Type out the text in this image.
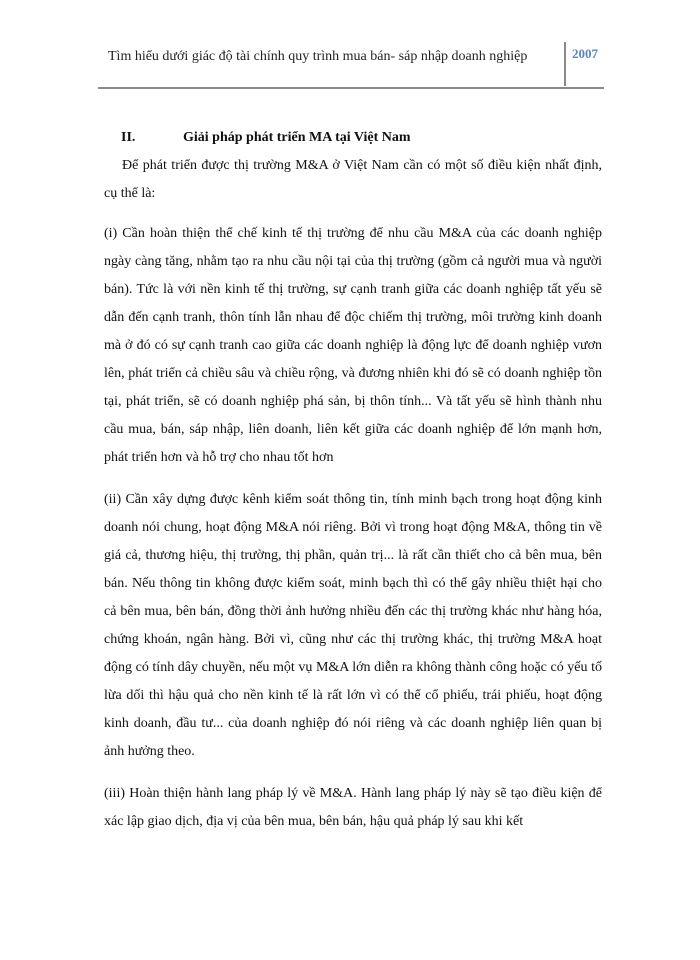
Tìm hiểu dưới giác độ tài chính quy trình mua bán- sáp nhập doanh nghiệp	2007

II.	Giải pháp phát triển MA tại Việt Nam

Để phát triển được thị trường M&A ở Việt Nam cần có một số điều kiện nhất định, cụ thể là:

(i) Cần hoàn thiện thể chế kinh tế thị trường để nhu cầu M&A của các doanh nghiệp ngày càng tăng, nhằm tạo ra nhu cầu nội tại của thị trường (gồm cả người mua và người bán). Tức là với nền kinh tế thị trường, sự cạnh tranh giữa các doanh nghiệp tất yếu sẽ dẫn đến cạnh tranh, thôn tính lẫn nhau để độc chiếm thị trường, môi trường kinh doanh mà ở đó có sự cạnh tranh cao giữa các doanh nghiệp là động lực để doanh nghiệp vươn lên, phát triển cả chiều sâu và chiều rộng, và đương nhiên khi đó sẽ có doanh nghiệp tồn tại, phát triển, sẽ có doanh nghiệp phá sản, bị thôn tính... Và tất yếu sẽ hình thành nhu cầu mua, bán, sáp nhập, liên doanh, liên kết giữa các doanh nghiệp để lớn mạnh hơn, phát triển hơn và hỗ trợ cho nhau tốt hơn

(ii) Cần xây dựng được kênh kiểm soát thông tin, tính minh bạch trong hoạt động kinh doanh nói chung, hoạt động M&A nói riêng. Bởi vì trong hoạt động M&A, thông tin về giá cả, thương hiệu, thị trường, thị phần, quản trị... là rất cần thiết cho cả bên mua, bên bán. Nếu thông tin không được kiểm soát, minh bạch thì có thể gây nhiều thiệt hại cho cả bên mua, bên bán, đồng thời ảnh hưởng nhiều đến các thị trường khác như hàng hóa, chứng khoán, ngân hàng. Bởi vì, cũng như các thị trường khác, thị trường M&A hoạt động có tính dây chuyền, nếu một vụ M&A lớn diễn ra không thành công hoặc có yếu tố lừa dối thì hậu quả cho nền kinh tế là rất lớn vì có thể cổ phiếu, trái phiếu, hoạt động kinh doanh, đầu tư... của doanh nghiệp đó nói riêng và các doanh nghiệp liên quan bị ảnh hưởng theo.

(iii) Hoàn thiện hành lang pháp lý về M&A. Hành lang pháp lý này sẽ tạo điều kiện để xác lập giao dịch, địa vị của bên mua, bên bán, hậu quả pháp lý sau khi kết
